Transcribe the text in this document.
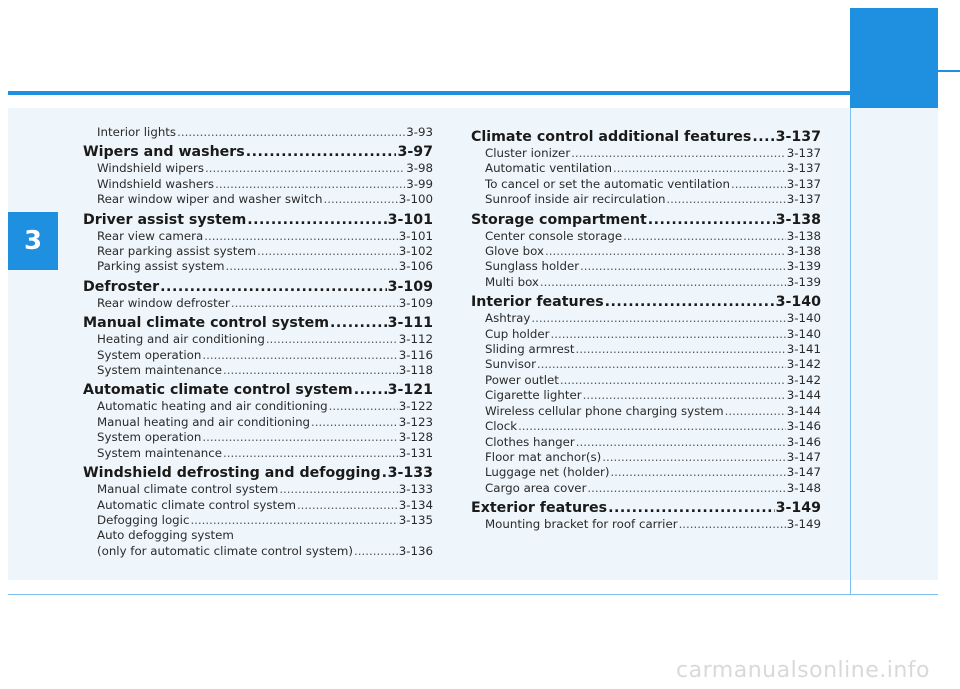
3
Interior lights .....	3-93
Wipers and washers .....	3-97
Windshield wipers .....	3-98
Windshield washers .....	3-99
Rear window wiper and washer switch .....	3-100
Driver assist system .....	3-101
Rear view camera .....	3-101
Rear parking assist system .....	3-102
Parking assist system .....	3-106
Defroster .....	3-109
Rear window defroster .....	3-109
Manual climate control system .....	3-111
Heating and air conditioning .....	3-112
System operation .....	3-116
System maintenance .....	3-118
Automatic climate control system ..... 3-121
Automatic heating and air conditioning .....	3-122
Manual heating and air conditioning .....	3-123
System operation .....	3-128
System maintenance .....	3-131
Windshield defrosting and defogging ..... 3-133
Manual climate control system .....	3-133
Automatic climate control system .....	3-134
Defogging logic .....	3-135
Auto defogging system
(only for automatic climate control system) .....	3-136
Climate control additional features ..... 3-137
Cluster ionizer .....	3-137
Automatic ventilation .....	3-137
To cancel or set the automatic ventilation .....	3-137
Sunroof inside air recirculation .....	3-137
Storage compartment .....	3-138
Center console storage .....	3-138
Glove box .....	3-138
Sunglass holder .....	3-139
Multi box .....	3-139
Interior features .....	3-140
Ashtray .....	3-140
Cup holder .....	3-140
Sliding armrest .....	3-141
Sunvisor .....	3-142
Power outlet .....	3-142
Cigarette lighter .....	3-144
Wireless cellular phone charging system .....	3-144
Clock .....	3-146
Clothes hanger .....	3-146
Floor mat anchor(s) .....	3-147
Luggage net (holder) .....	3-147
Cargo area cover .....	3-148
Exterior features .....	3-149
Mounting bracket for roof carrier .....	3-149
carmanualsonline.info
